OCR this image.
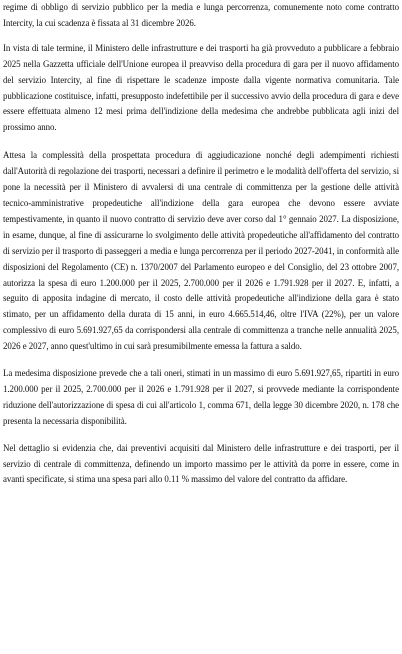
regime di obbligo di servizio pubblico per la media e lunga percorrenza, comunemente noto come contratto Intercity, la cui scadenza è fissata al 31 dicembre 2026.

In vista di tale termine, il Ministero delle infrastrutture e dei trasporti ha già provveduto a pubblicare a febbraio 2025 nella Gazzetta ufficiale dell'Unione europea il preavviso della procedura di gara per il nuovo affidamento del servizio Intercity, al fine di rispettare le scadenze imposte dalla vigente normativa comunitaria. Tale pubblicazione costituisce, infatti, presupposto indefettibile per il successivo avvio della procedura di gara e deve essere effettuata almeno 12 mesi prima dell'indizione della medesima che andrebbe pubblicata agli inizi del prossimo anno.

Attesa la complessità della prospettata procedura di aggiudicazione nonché degli adempimenti richiesti dall'Autorità di regolazione dei trasporti, necessari a definire il perimetro e le modalità dell'offerta del servizio, si pone la necessità per il Ministero di avvalersi di una centrale di committenza per la gestione delle attività tecnico-amministrative propedeutiche all'indizione della gara europea che devono essere avviate tempestivamente, in quanto il nuovo contratto di servizio deve aver corso dal 1° gennaio 2027. La disposizione, in esame, dunque, al fine di assicurarne lo svolgimento delle attività propedeutiche all'affidamento del contratto di servizio per il trasporto di passeggeri a media e lunga percorrenza per il periodo 2027-2041, in conformità alle disposizioni del Regolamento (CE) n. 1370/2007 del Parlamento europeo e del Consiglio, del 23 ottobre 2007, autorizza la spesa di euro 1.200.000 per il 2025, 2.700.000 per il 2026 e 1.791.928 per il 2027. E, infatti, a seguito di apposita indagine di mercato, il costo delle attività propedeutiche all'indizione della gara è stato stimato, per un affidamento della durata di 15 anni, in euro 4.665.514,46, oltre l'IVA (22%), per un valore complessivo di euro 5.691.927,65 da corrispondersi alla centrale di committenza a tranche nelle annualità 2025, 2026 e 2027, anno quest'ultimo in cui sarà presumibilmente emessa la fattura a saldo.

La medesima disposizione prevede che a tali oneri, stimati in un massimo di euro 5.691.927,65, ripartiti in euro 1.200.000 per il 2025, 2.700.000 per il 2026 e 1.791.928 per il 2027, si provvede mediante la corrispondente riduzione dell'autorizzazione di spesa di cui all'articolo 1, comma 671, della legge 30 dicembre 2020, n. 178 che presenta la necessaria disponibilità.

Nel dettaglio si evidenzia che, dai preventivi acquisiti dal Ministero delle infrastrutture e dei trasporti, per il servizio di centrale di committenza, definendo un importo massimo per le attività da porre in essere, come in avanti specificate, si stima una spesa pari allo 0.11 % massimo del valore del contratto da affidare.
